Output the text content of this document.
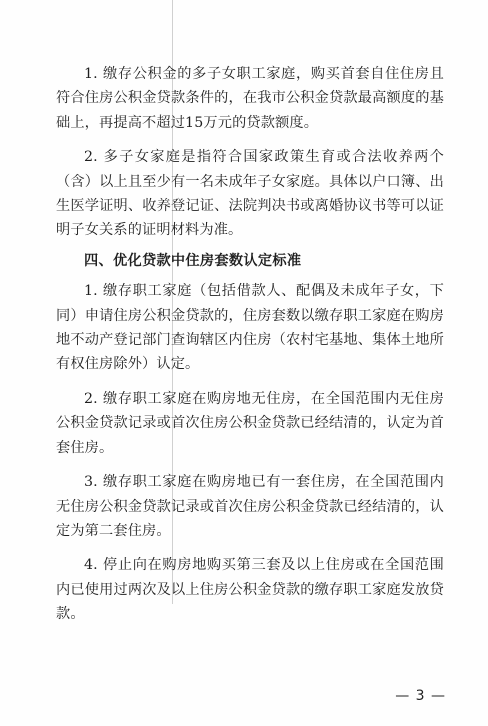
1. 缴存公积金的多子女职工家庭，购买首套自住住房且符合住房公积金贷款条件的，在我市公积金贷款最高额度的基础上，再提高不超过15万元的贷款额度。

2. 多子女家庭是指符合国家政策生育或合法收养两个（含）以上且至少有一名未成年子女家庭。具体以户口簿、出生医学证明、收养登记证、法院判决书或离婚协议书等可以证明子女关系的证明材料为准。

四、优化贷款中住房套数认定标准

1. 缴存职工家庭（包括借款人、配偶及未成年子女，下同）申请住房公积金贷款的，住房套数以缴存职工家庭在购房地不动产登记部门查询辖区内住房（农村宅基地、集体土地所有权住房除外）认定。

2. 缴存职工家庭在购房地无住房，在全国范围内无住房公积金贷款记录或首次住房公积金贷款已经结清的，认定为首套住房。

3. 缴存职工家庭在购房地已有一套住房，在全国范围内无住房公积金贷款记录或首次住房公积金贷款已经结清的，认定为第二套住房。

4. 停止向在购房地购买第三套及以上住房或在全国范围内已使用过两次及以上住房公积金贷款的缴存职工家庭发放贷款。

— 3 —
